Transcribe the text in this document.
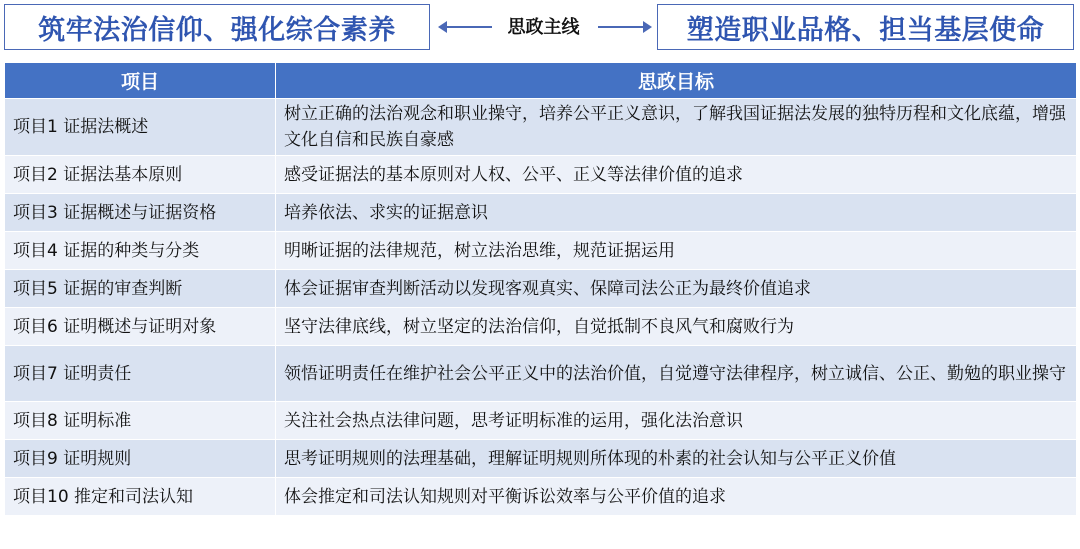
筑牢法治信仰、强化综合素养	思政主线	塑造职业品格、担当基层使命
项目	思政目标
项目1 证据法概述	树立正确的法治观念和职业操守，培养公平正义意识，了解我国证据法发展的独特历程和文化底蕴，增强文化自信和民族自豪感
项目2 证据法基本原则	感受证据法的基本原则对人权、公平、正义等法律价值的追求
项目3 证据概述与证据资格	培养依法、求实的证据意识
项目4 证据的种类与分类	明晰证据的法律规范，树立法治思维，规范证据运用
项目5 证据的审查判断	体会证据审查判断活动以发现客观真实、保障司法公正为最终价值追求
项目6 证明概述与证明对象	坚守法律底线，树立坚定的法治信仰，自觉抵制不良风气和腐败行为
项目7 证明责任	领悟证明责任在维护社会公平正义中的法治价值，自觉遵守法律程序，树立诚信、公正、勤勉的职业操守
项目8 证明标准	关注社会热点法律问题，思考证明标准的运用，强化法治意识
项目9 证明规则	思考证明规则的法理基础，理解证明规则所体现的朴素的社会认知与公平正义价值
项目10 推定和司法认知	体会推定和司法认知规则对平衡诉讼效率与公平价值的追求
